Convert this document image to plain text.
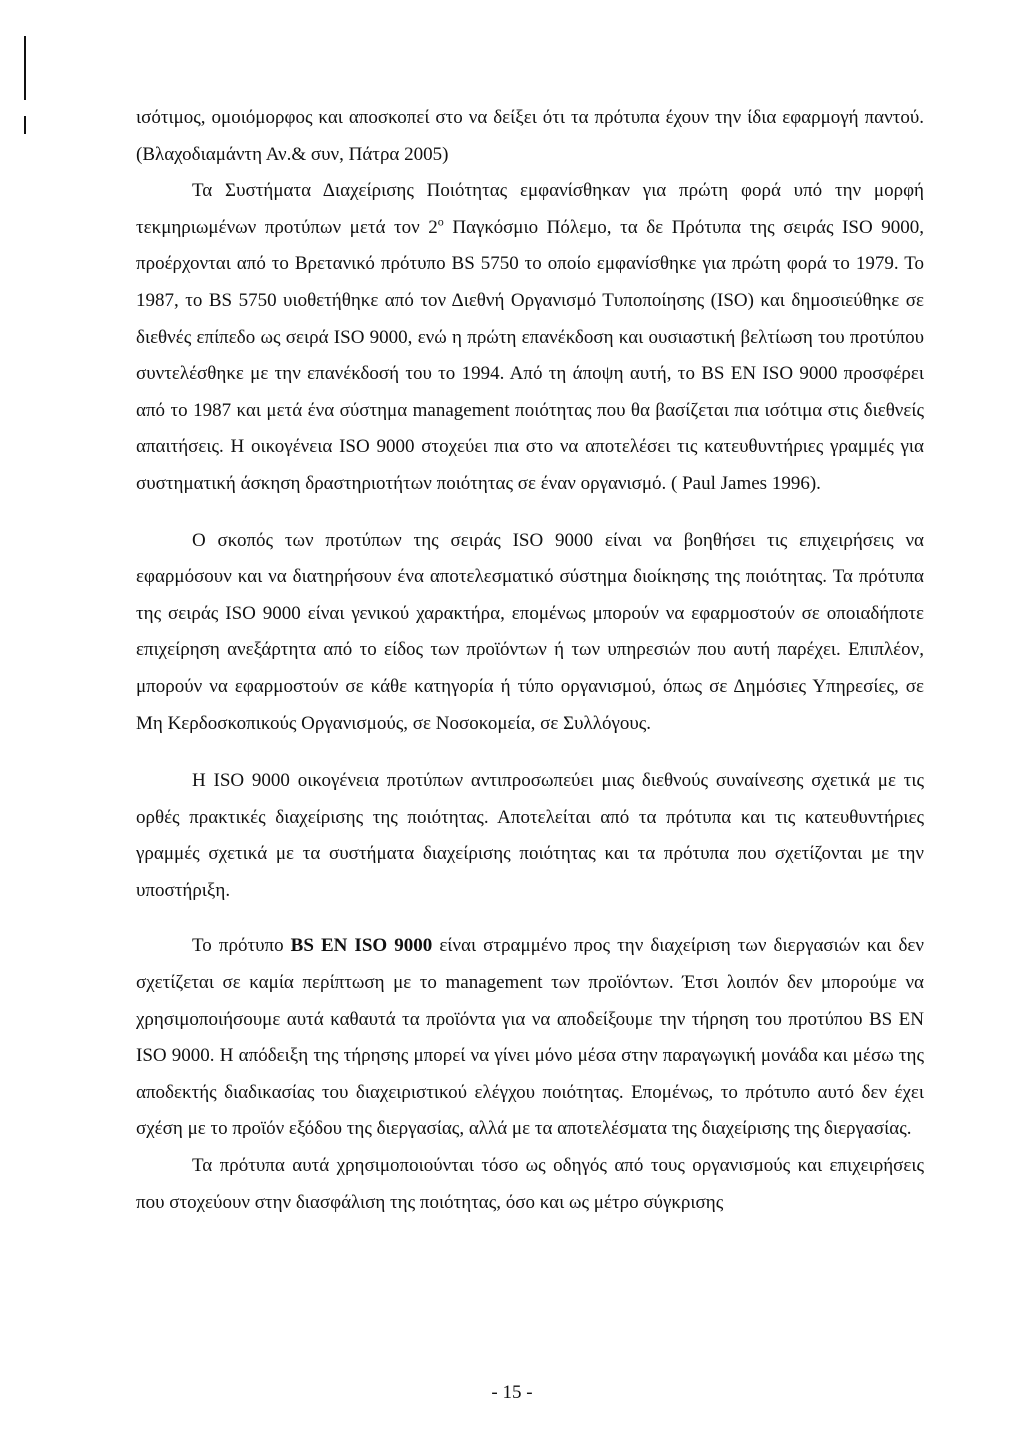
ισότιμος, ομοιόμορφος και αποσκοπεί στο να δείξει ότι τα πρότυπα έχουν την ίδια εφαρμογή παντού. (Βλαχοδιαμάντη Αν.& συν, Πάτρα 2005)

Τα Συστήματα Διαχείρισης Ποιότητας εμφανίσθηκαν για πρώτη φορά υπό την μορφή τεκμηριωμένων προτύπων μετά τον $2^o$ Παγκόσμιο Πόλεμο, τα δε Πρότυπα της σειράς ISO 9000, προέρχονται από το Βρετανικό πρότυπο BS 5750 το οποίο εμφανίσθηκε για πρώτη φορά το 1979. Το 1987, το BS 5750 υιοθετήθηκε από τον Διεθνή Οργανισμό Τυποποίησης (ISO) και δημοσιεύθηκε σε διεθνές επίπεδο ως σειρά ISO 9000, ενώ η πρώτη επανέκδοση και ουσιαστική βελτίωση του προτύπου συντελέσθηκε με την επανέκδοσή του το 1994. Από τη άποψη αυτή, το BS EN ISO 9000 προσφέρει από το 1987 και μετά ένα σύστημα management ποιότητας που θα βασίζεται πια ισότιμα στις διεθνείς απαιτήσεις. Η οικογένεια ISO 9000 στοχεύει πια στο να αποτελέσει τις κατευθυντήριες γραμμές για συστηματική άσκηση δραστηριοτήτων ποιότητας σε έναν οργανισμό. ( Paul James 1996).

Ο σκοπός των προτύπων της σειράς ISO 9000 είναι να βοηθήσει τις επιχειρήσεις να εφαρμόσουν και να διατηρήσουν ένα αποτελεσματικό σύστημα διοίκησης της ποιότητας. Τα πρότυπα της σειράς ISO 9000 είναι γενικού χαρακτήρα, επομένως μπορούν να εφαρμοστούν σε οποιαδήποτε επιχείρηση ανεξάρτητα από το είδος των προϊόντων ή των υπηρεσιών που αυτή παρέχει. Επιπλέον, μπορούν να εφαρμοστούν σε κάθε κατηγορία ή τύπο οργανισμού, όπως σε Δημόσιες Υπηρεσίες, σε Μη Κερδοσκοπικούς Οργανισμούς, σε Νοσοκομεία, σε Συλλόγους.

Η ISO 9000 οικογένεια προτύπων αντιπροσωπεύει μιας διεθνούς συναίνεσης σχετικά με τις ορθές πρακτικές διαχείρισης της ποιότητας. Αποτελείται από τα πρότυπα και τις κατευθυντήριες γραμμές σχετικά με τα συστήματα διαχείρισης ποιότητας και τα πρότυπα που σχετίζονται με την υποστήριξη.

Το πρότυπο BS EN ISO 9000 είναι στραμμένο προς την διαχείριση των διεργασιών και δεν σχετίζεται σε καμία περίπτωση με το management των προϊόντων. Έτσι λοιπόν δεν μπορούμε να χρησιμοποιήσουμε αυτά καθαυτά τα προϊόντα για να αποδείξουμε την τήρηση του προτύπου BS EN ISO 9000. Η απόδειξη της τήρησης μπορεί να γίνει μόνο μέσα στην παραγωγική μονάδα και μέσω της αποδεκτής διαδικασίας του διαχειριστικού ελέγχου ποιότητας. Επομένως, το πρότυπο αυτό δεν έχει σχέση με το προϊόν εξόδου της διεργασίας, αλλά με τα αποτελέσματα της διαχείρισης της διεργασίας.

Τα πρότυπα αυτά χρησιμοποιούνται τόσο ως οδηγός από τους οργανισμούς και επιχειρήσεις που στοχεύουν στην διασφάλιση της ποιότητας, όσο και ως μέτρο σύγκρισης

- 15 -
